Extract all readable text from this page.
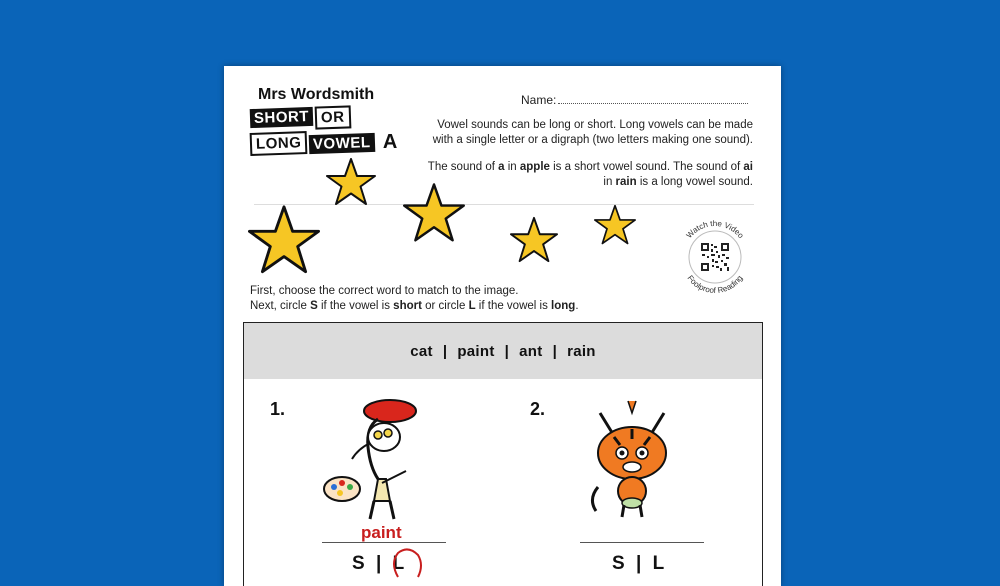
Mrs Wordsmith
SHORT OR
LONG VOWEL A
Name:

Vowel sounds can be long or short. Long vowels can be made with a single letter or a digraph (two letters making one sound).

The sound of a in apple is a short vowel sound. The sound of ai in rain is a long vowel sound.

Watch the Video
Foolproof Reading
First, choose the correct word to match to the image.
Next, circle S if the vowel is short or circle L if the vowel is long.
cat | paint | ant | rain
1.
paint
S | L
2.
S | L
